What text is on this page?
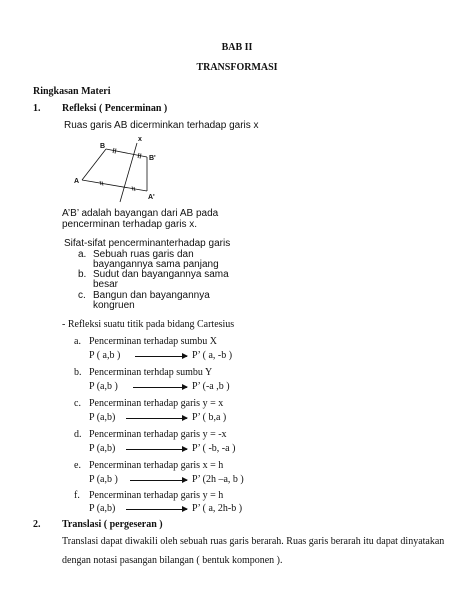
BAB II
TRANSFORMASI
Ringkasan Materi
1. Refleksi ( Pencerminan )
Ruas garis AB dicerminkan terhadap garis x
x
B
B'
A
A'
A’B’ adalah bayangan dari AB pada
pencerminan terhadap garis x.
Sifat-sifat pencerminanterhadap garis
a. Sebuah ruas garis dan
bayangannya sama panjang
b. Sudut dan bayangannya sama
besar
c. Bangun dan bayangannya
kongruen
- Refleksi suatu titik pada bidang Cartesius
a. Pencerminan terhadap sumbu X
P ( a,b )	P’ ( a, -b )
b. Pencerminan terhdap sumbu Y
P (a,b )	P’ (-a ,b )
c. Pencerminan terhadap garis y = x
P (a,b)	P’ ( b,a )
d. Pencerminan terhadap garis y = -x
P (a,b)	P’ ( -b, -a )
e. Pencerminan terhadap garis x = h
P (a,b )	P’ (2h –a, b )
f. Pencerminan terhadap garis y = h
P (a,b)	P’ ( a, 2h-b )
2. Translasi ( pergeseran )
Translasi dapat diwakili oleh sebuah ruas garis berarah. Ruas garis berarah itu dapat dinyatakan
dengan notasi pasangan bilangan ( bentuk komponen ).
